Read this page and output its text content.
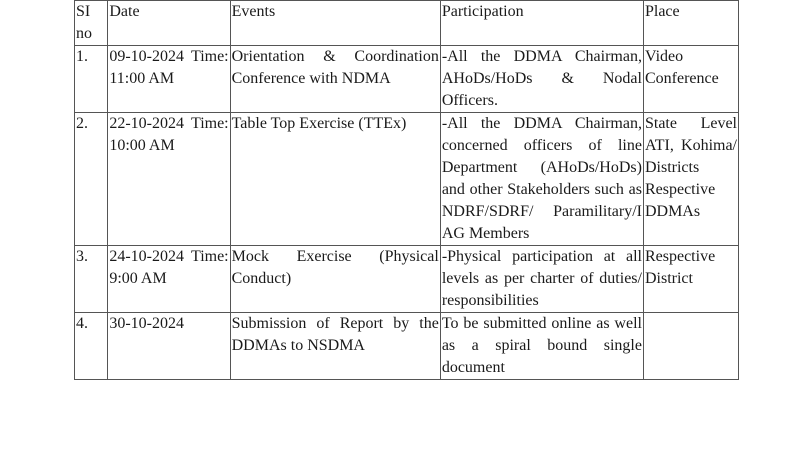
SI no	Date	Events	Participation	Place
1.	09-10-2024 Time: 11:00 AM	Orientation & Coordination Conference with NDMA	-All the DDMA Chairman, AHoDs/HoDs & Nodal Officers.	Video Conference
2.	22-10-2024 Time: 10:00 AM	Table Top Exercise (TTEx)	-All the DDMA Chairman, concerned officers of line Department (AHoDs/HoDs) and other Stakeholders such as NDRF/SDRF/ Paramilitary/I AG Members	State Level ATI, Kohima/ Districts Respective DDMAs
3.	24-10-2024 Time: 9:00 AM	Mock Exercise (Physical Conduct)	-Physical participation at all levels as per charter of duties/ responsibilities	Respective District
4.	30-10-2024	Submission of Report by the DDMAs to NSDMA	To be submitted online as well as a spiral bound single document	
